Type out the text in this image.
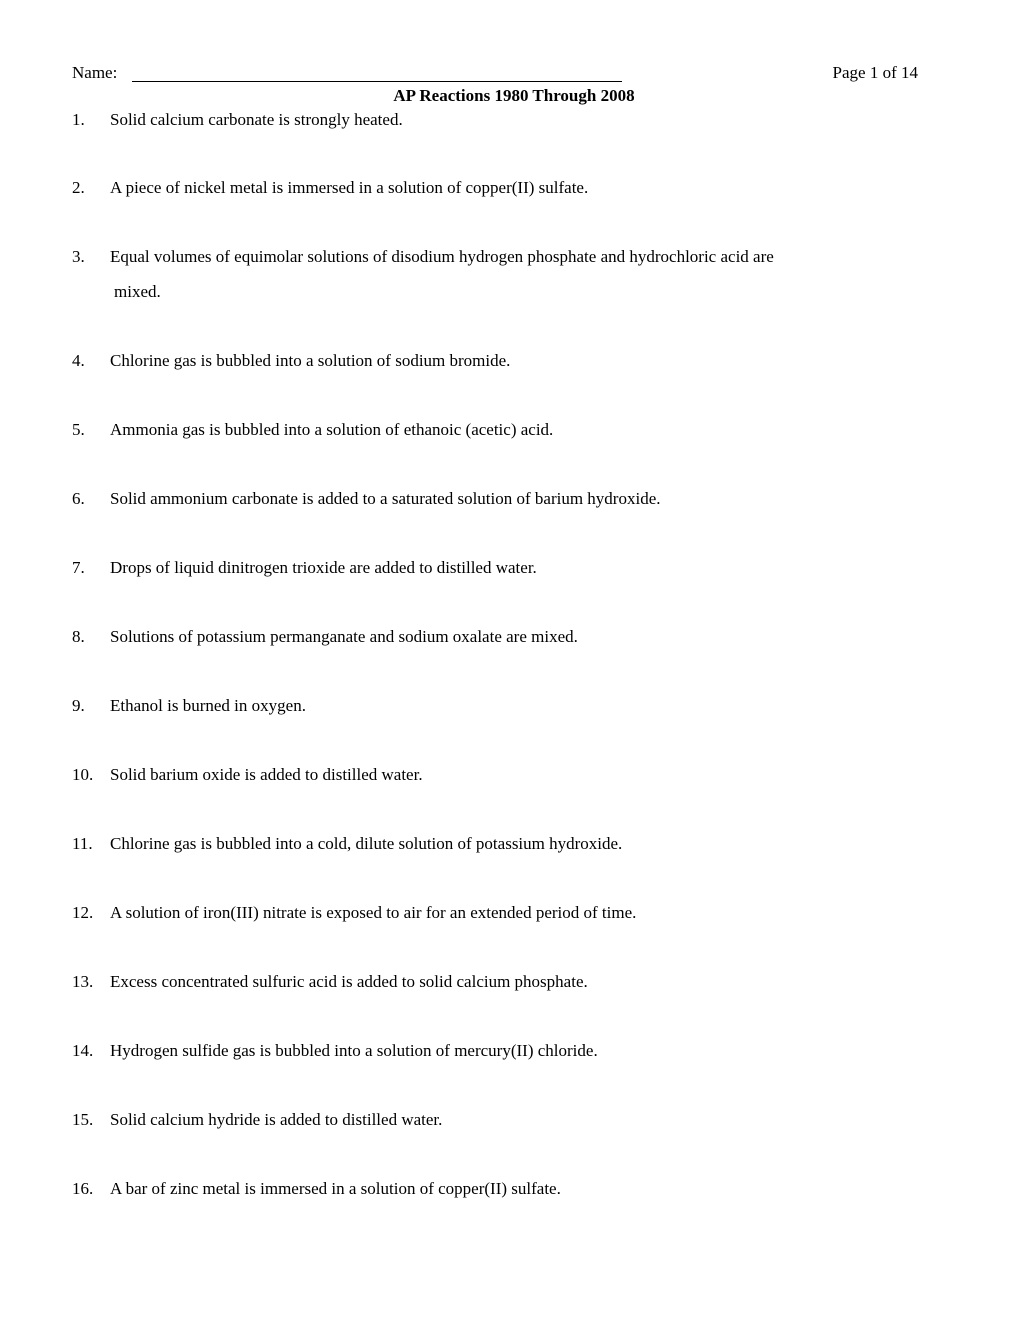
Name:	Page 1 of 14
AP Reactions 1980 Through 2008
1.	Solid calcium carbonate is strongly heated.
2.	A piece of nickel metal is immersed in a solution of copper(II) sulfate.
3.	Equal volumes of equimolar solutions of disodium hydrogen phosphate and hydrochloric acid are
mixed.
4.	Chlorine gas is bubbled into a solution of sodium bromide.
5.	Ammonia gas is bubbled into a solution of ethanoic (acetic) acid.
6.	Solid ammonium carbonate is added to a saturated solution of barium hydroxide.
7.	Drops of liquid dinitrogen trioxide are added to distilled water.
8.	Solutions of potassium permanganate and sodium oxalate are mixed.
9.	Ethanol is burned in oxygen.
10. Solid barium oxide is added to distilled water.
11.	Chlorine gas is bubbled into a cold, dilute solution of potassium hydroxide.
12. A solution of iron(III) nitrate is exposed to air for an extended period of time.
13. Excess concentrated sulfuric acid is added to solid calcium phosphate.
14. Hydrogen sulfide gas is bubbled into a solution of mercury(II) chloride.
15. Solid calcium hydride is added to distilled water.
16. A bar of zinc metal is immersed in a solution of copper(II) sulfate.
